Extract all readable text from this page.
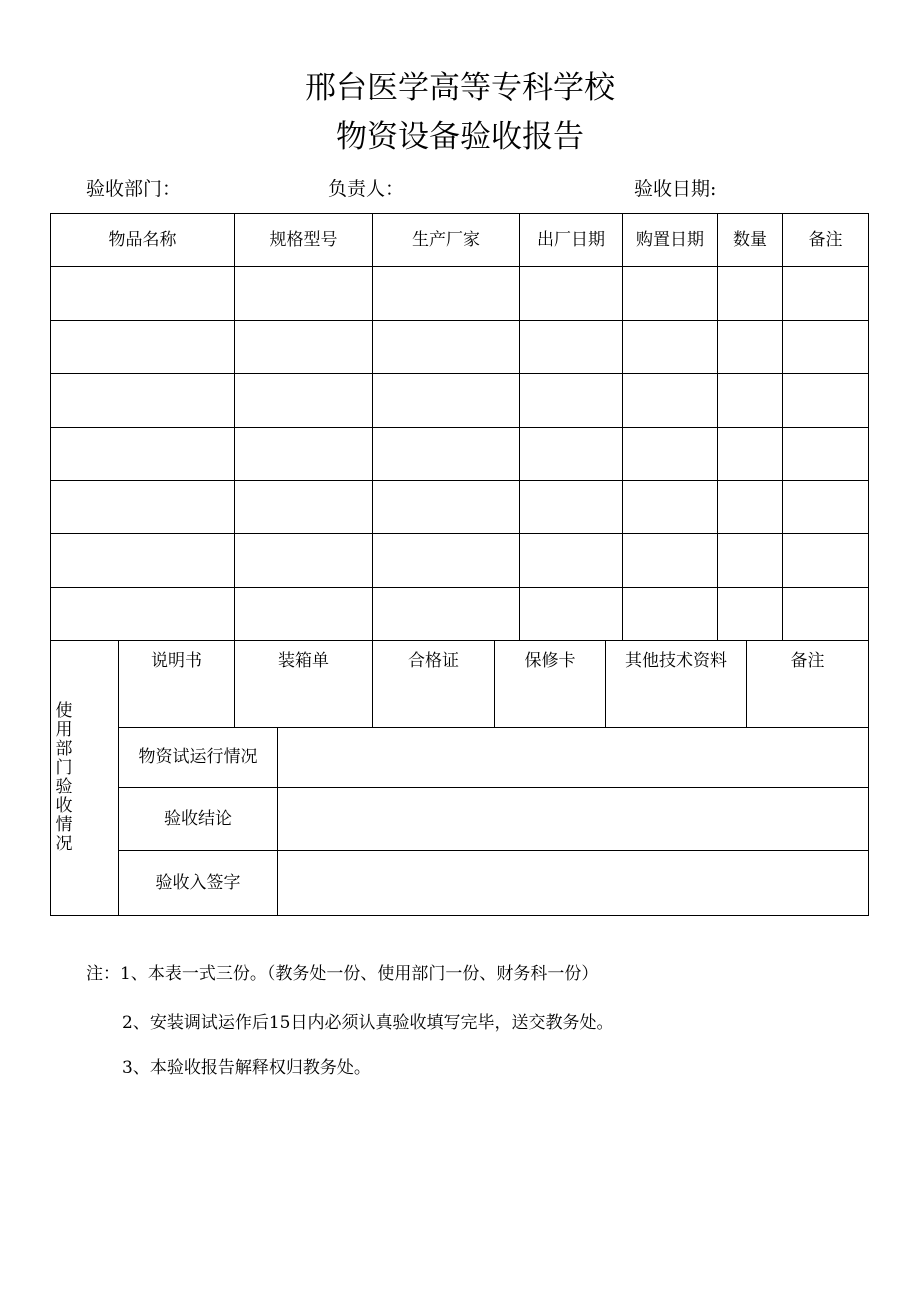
邢台医学高等专科学校
物资设备验收报告
验收部门：	负责人：	验收日期:
物品名称	规格型号	生产厂家	出厂日期	购置日期	数量	备注
说明书	装箱单	合格证	保修卡	其他技术资料	备注
使
用
部
门
验
收
情
况
物资试运行情况
验收结论
验收入签字
注：1、本表一式三份。（教务处一份、使用部门一份、财务科一份）
2、安装调试运作后15日内必须认真验收填写完毕，送交教务处。
3、本验收报告解释权归教务处。
